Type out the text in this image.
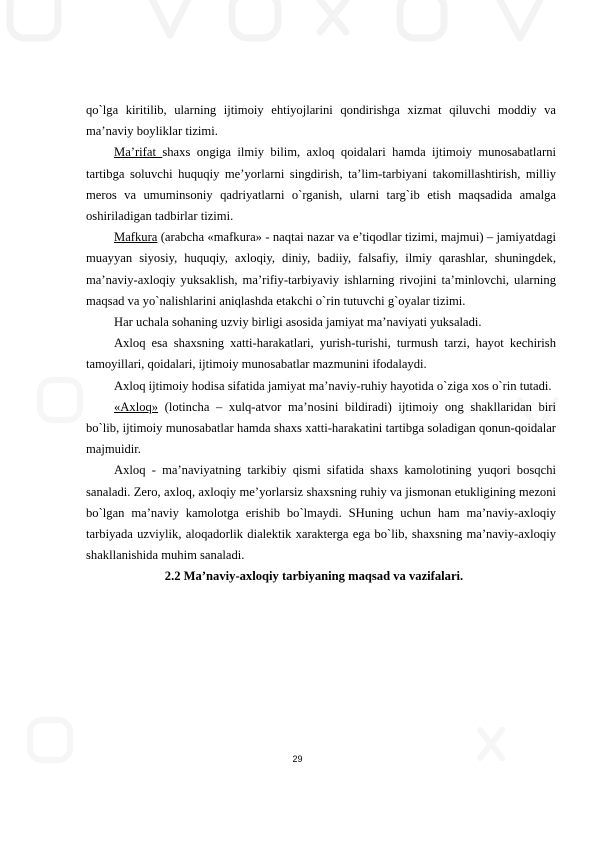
qo`lga kiritilib, ularning ijtimoiy ehtiyojlarini qondirishga xizmat qiluvchi moddiy va ma’naviy boyliklar tizimi.

Ma’rifat shaxs ongiga ilmiy bilim, axloq qoidalari hamda ijtimoiy munosabatlarni tartibga soluvchi huquqiy me’yorlarni singdirish, ta’lim-tarbiyani takomillashtirish, milliy meros va umuminsoniy qadriyatlarni o`rganish, ularni targ`ib etish maqsadida amalga oshiriladigan tadbirlar tizimi.

Mafkura (arabcha «mafkura» - naqtai nazar va e’tiqodlar tizimi, majmui) – jamiyatdagi muayyan siyosiy, huquqiy, axloqiy, diniy, badiiy, falsafiy, ilmiy qarashlar, shuningdek, ma’naviy-axloqiy yuksaklish, ma’rifiy-tarbiyaviy ishlarning rivojini ta’minlovchi, ularning maqsad va yo`nalishlarini aniqlashda etakchi o`rin tutuvchi g`oyalar tizimi.

Har uchala sohaning uzviy birligi asosida jamiyat ma’naviyati yuksaladi.

Axloq esa shaxsning xatti-harakatlari, yurish-turishi, turmush tarzi, hayot kechirish tamoyillari, qoidalari, ijtimoiy munosabatlar mazmunini ifodalaydi.

Axloq ijtimoiy hodisa sifatida jamiyat ma’naviy-ruhiy hayotida o`ziga xos o`rin tutadi.

«Axloq» (lotincha – xulq-atvor ma’nosini bildiradi) ijtimoiy ong shakllaridan biri bo`lib, ijtimoiy munosabatlar hamda shaxs xatti-harakatini tartibga soladigan qonun-qoidalar majmuidir.

Axloq - ma’naviyatning tarkibiy qismi sifatida shaxs kamolotining yuqori bosqchi sanaladi. Zero, axloq, axloqiy me’yorlarsiz shaxsning ruhiy va jismonan etukligining mezoni bo`lgan ma’naviy kamolotga erishib bo`lmaydi. SHuning uchun ham ma’naviy-axloqiy tarbiyada uzviylik, aloqadorlik dialektik xarakterga ega bo`lib, shaxsning ma’naviy-axloqiy shakllanishida muhim sanaladi.

2.2 Ma’naviy-axloqiy tarbiyaning maqsad va vazifalari.

29
